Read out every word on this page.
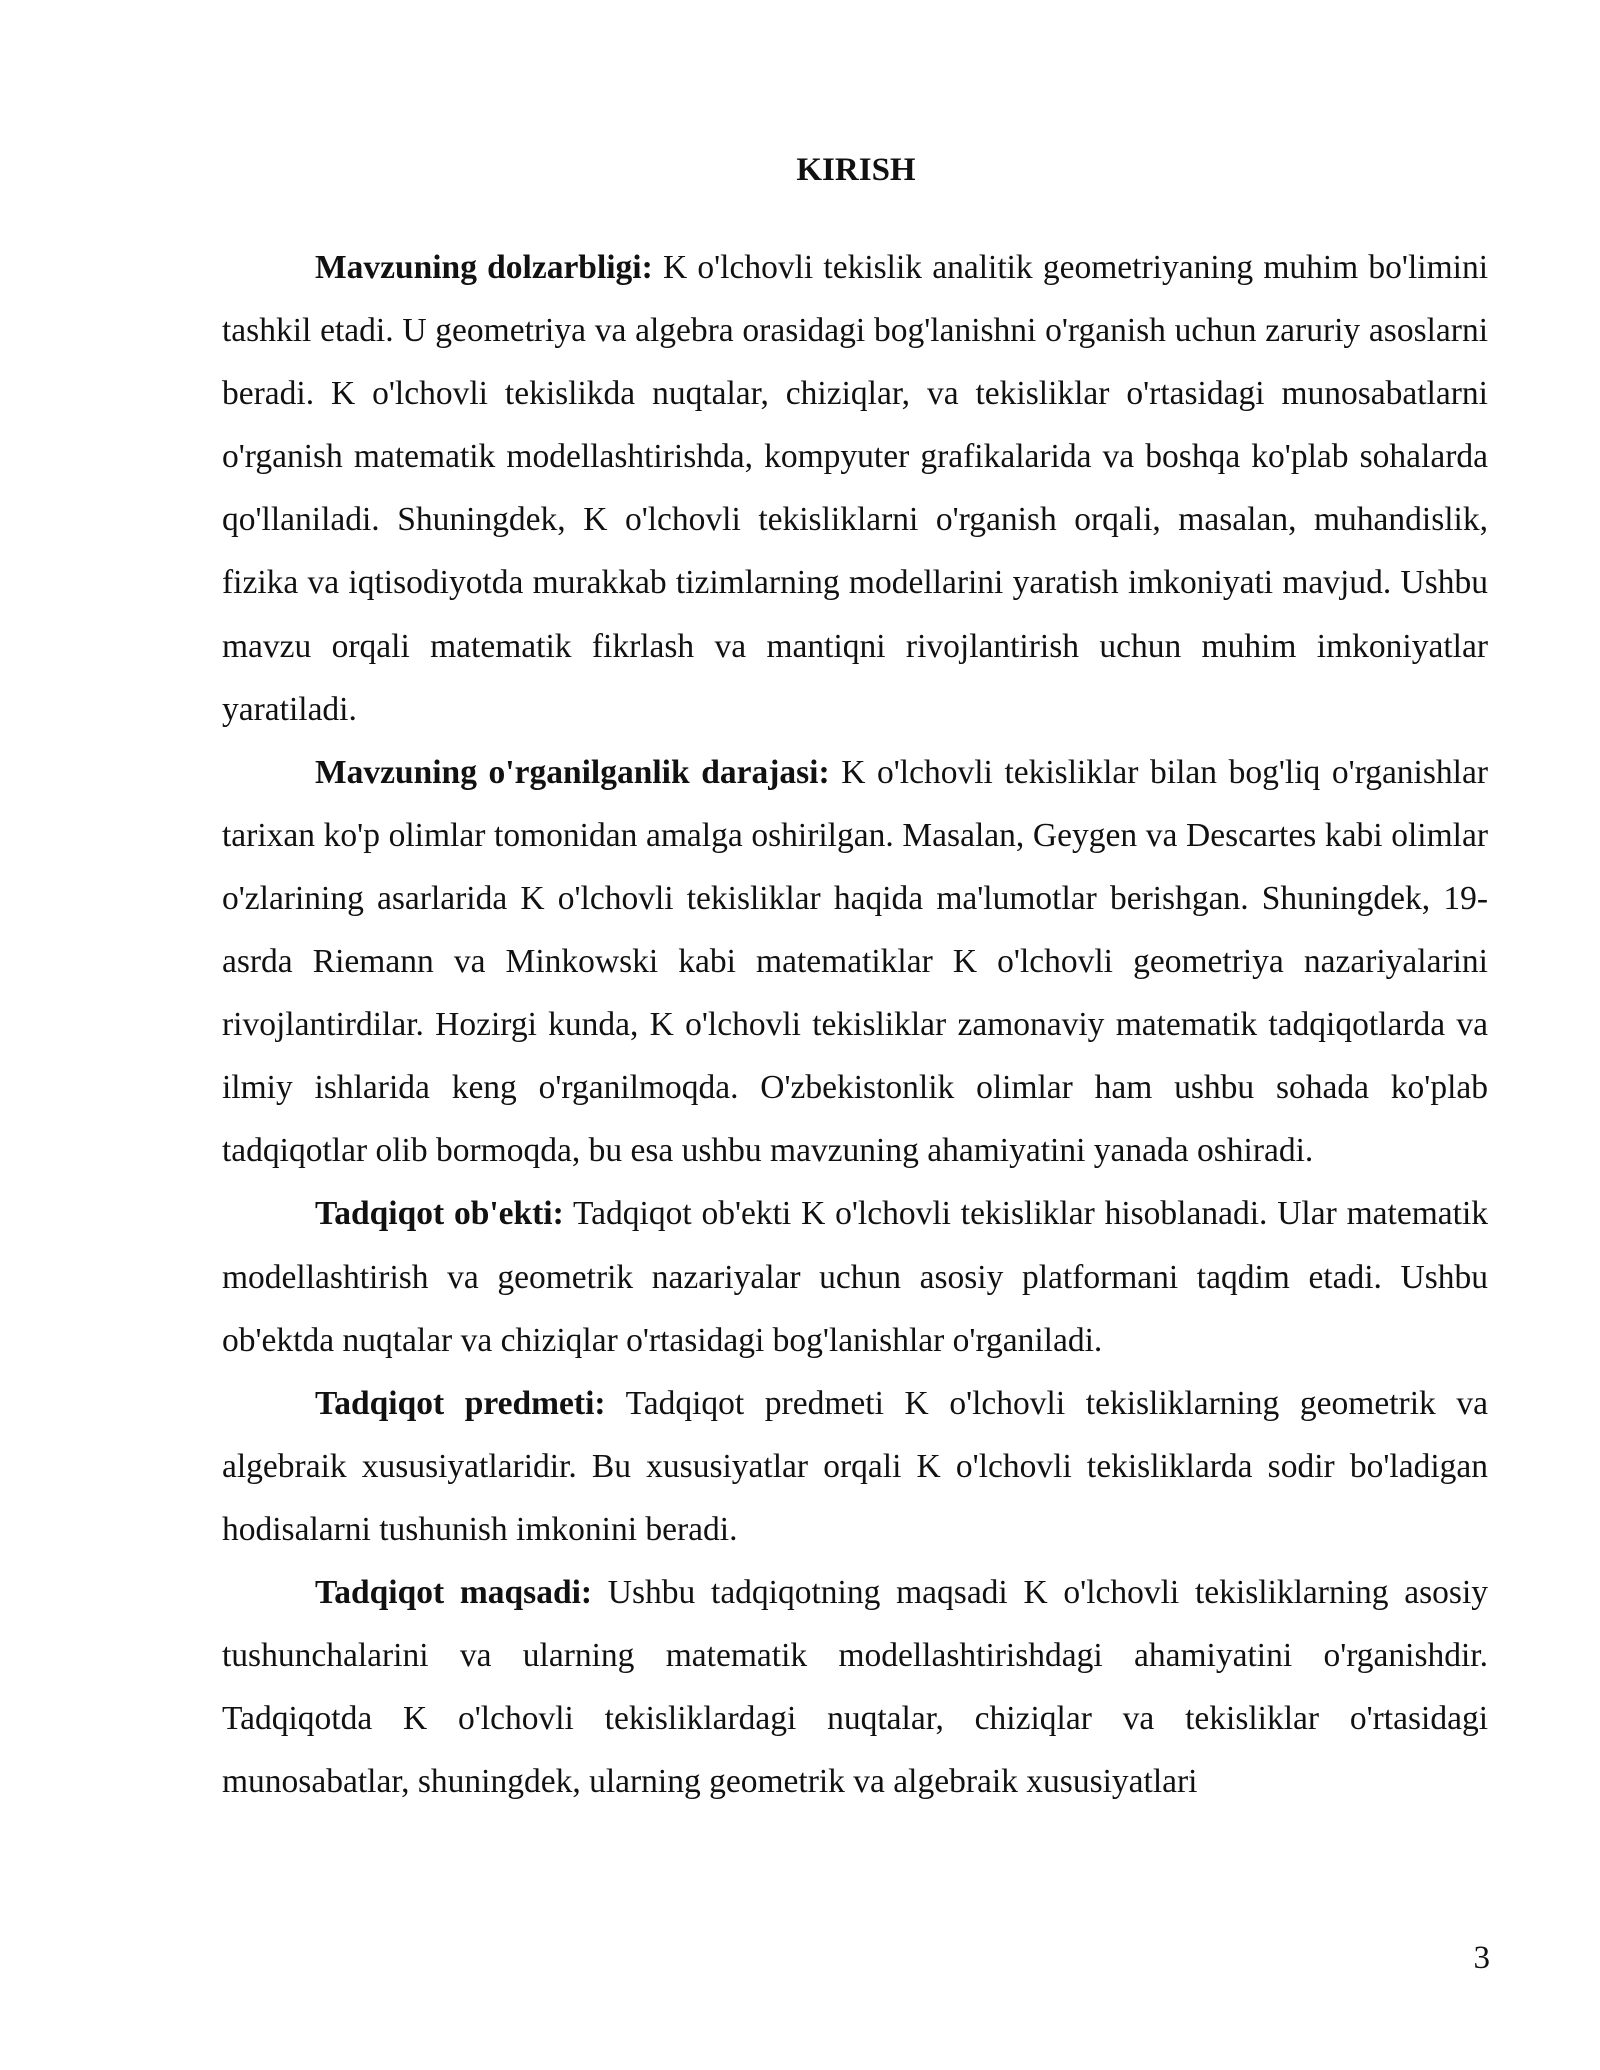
KIRISH

Mavzuning dolzarbligi: K o'lchovli tekislik analitik geometriyaning muhim bo'limini tashkil etadi. U geometriya va algebra orasidagi bog'lanishni o'rganish uchun zaruriy asoslarni beradi. K o'lchovli tekislikda nuqtalar, chiziqlar, va tekisliklar o'rtasidagi munosabatlarni o'rganish matematik modellashtirishda, kompyuter grafikalarida va boshqa ko'plab sohalarda qo'llaniladi. Shuningdek, K o'lchovli tekisliklarni o'rganish orqali, masalan, muhandislik, fizika va iqtisodiyotda murakkab tizimlarning modellarini yaratish imkoniyati mavjud. Ushbu mavzu orqali matematik fikrlash va mantiqni rivojlantirish uchun muhim imkoniyatlar yaratiladi.

Mavzuning o'rganilganlik darajasi: K o'lchovli tekisliklar bilan bog'liq o'rganishlar tarixan ko'p olimlar tomonidan amalga oshirilgan. Masalan, Geygen va Descartes kabi olimlar o'zlarining asarlarida K o'lchovli tekisliklar haqida ma'lumotlar berishgan. Shuningdek, 19-asrda Riemann va Minkowski kabi matematiklar K o'lchovli geometriya nazariyalarini rivojlantirdilar. Hozirgi kunda, K o'lchovli tekisliklar zamonaviy matematik tadqiqotlarda va ilmiy ishlarida keng o'rganilmoqda. O'zbekistonlik olimlar ham ushbu sohada ko'plab tadqiqotlar olib bormoqda, bu esa ushbu mavzuning ahamiyatini yanada oshiradi.

Tadqiqot ob'ekti: Tadqiqot ob'ekti K o'lchovli tekisliklar hisoblanadi. Ular matematik modellashtirish va geometrik nazariyalar uchun asosiy platformani taqdim etadi. Ushbu ob'ektda nuqtalar va chiziqlar o'rtasidagi bog'lanishlar o'rganiladi.

Tadqiqot predmeti: Tadqiqot predmeti K o'lchovli tekisliklarning geometrik va algebraik xususiyatlaridir. Bu xususiyatlar orqali K o'lchovli tekisliklarda sodir bo'ladigan hodisalarni tushunish imkonini beradi.

Tadqiqot maqsadi: Ushbu tadqiqotning maqsadi K o'lchovli tekisliklarning asosiy tushunchalarini va ularning matematik modellashtirishdagi ahamiyatini o'rganishdir. Tadqiqotda K o'lchovli tekisliklardagi nuqtalar, chiziqlar va tekisliklar o'rtasidagi munosabatlar, shuningdek, ularning geometrik va algebraik xususiyatlari

3
